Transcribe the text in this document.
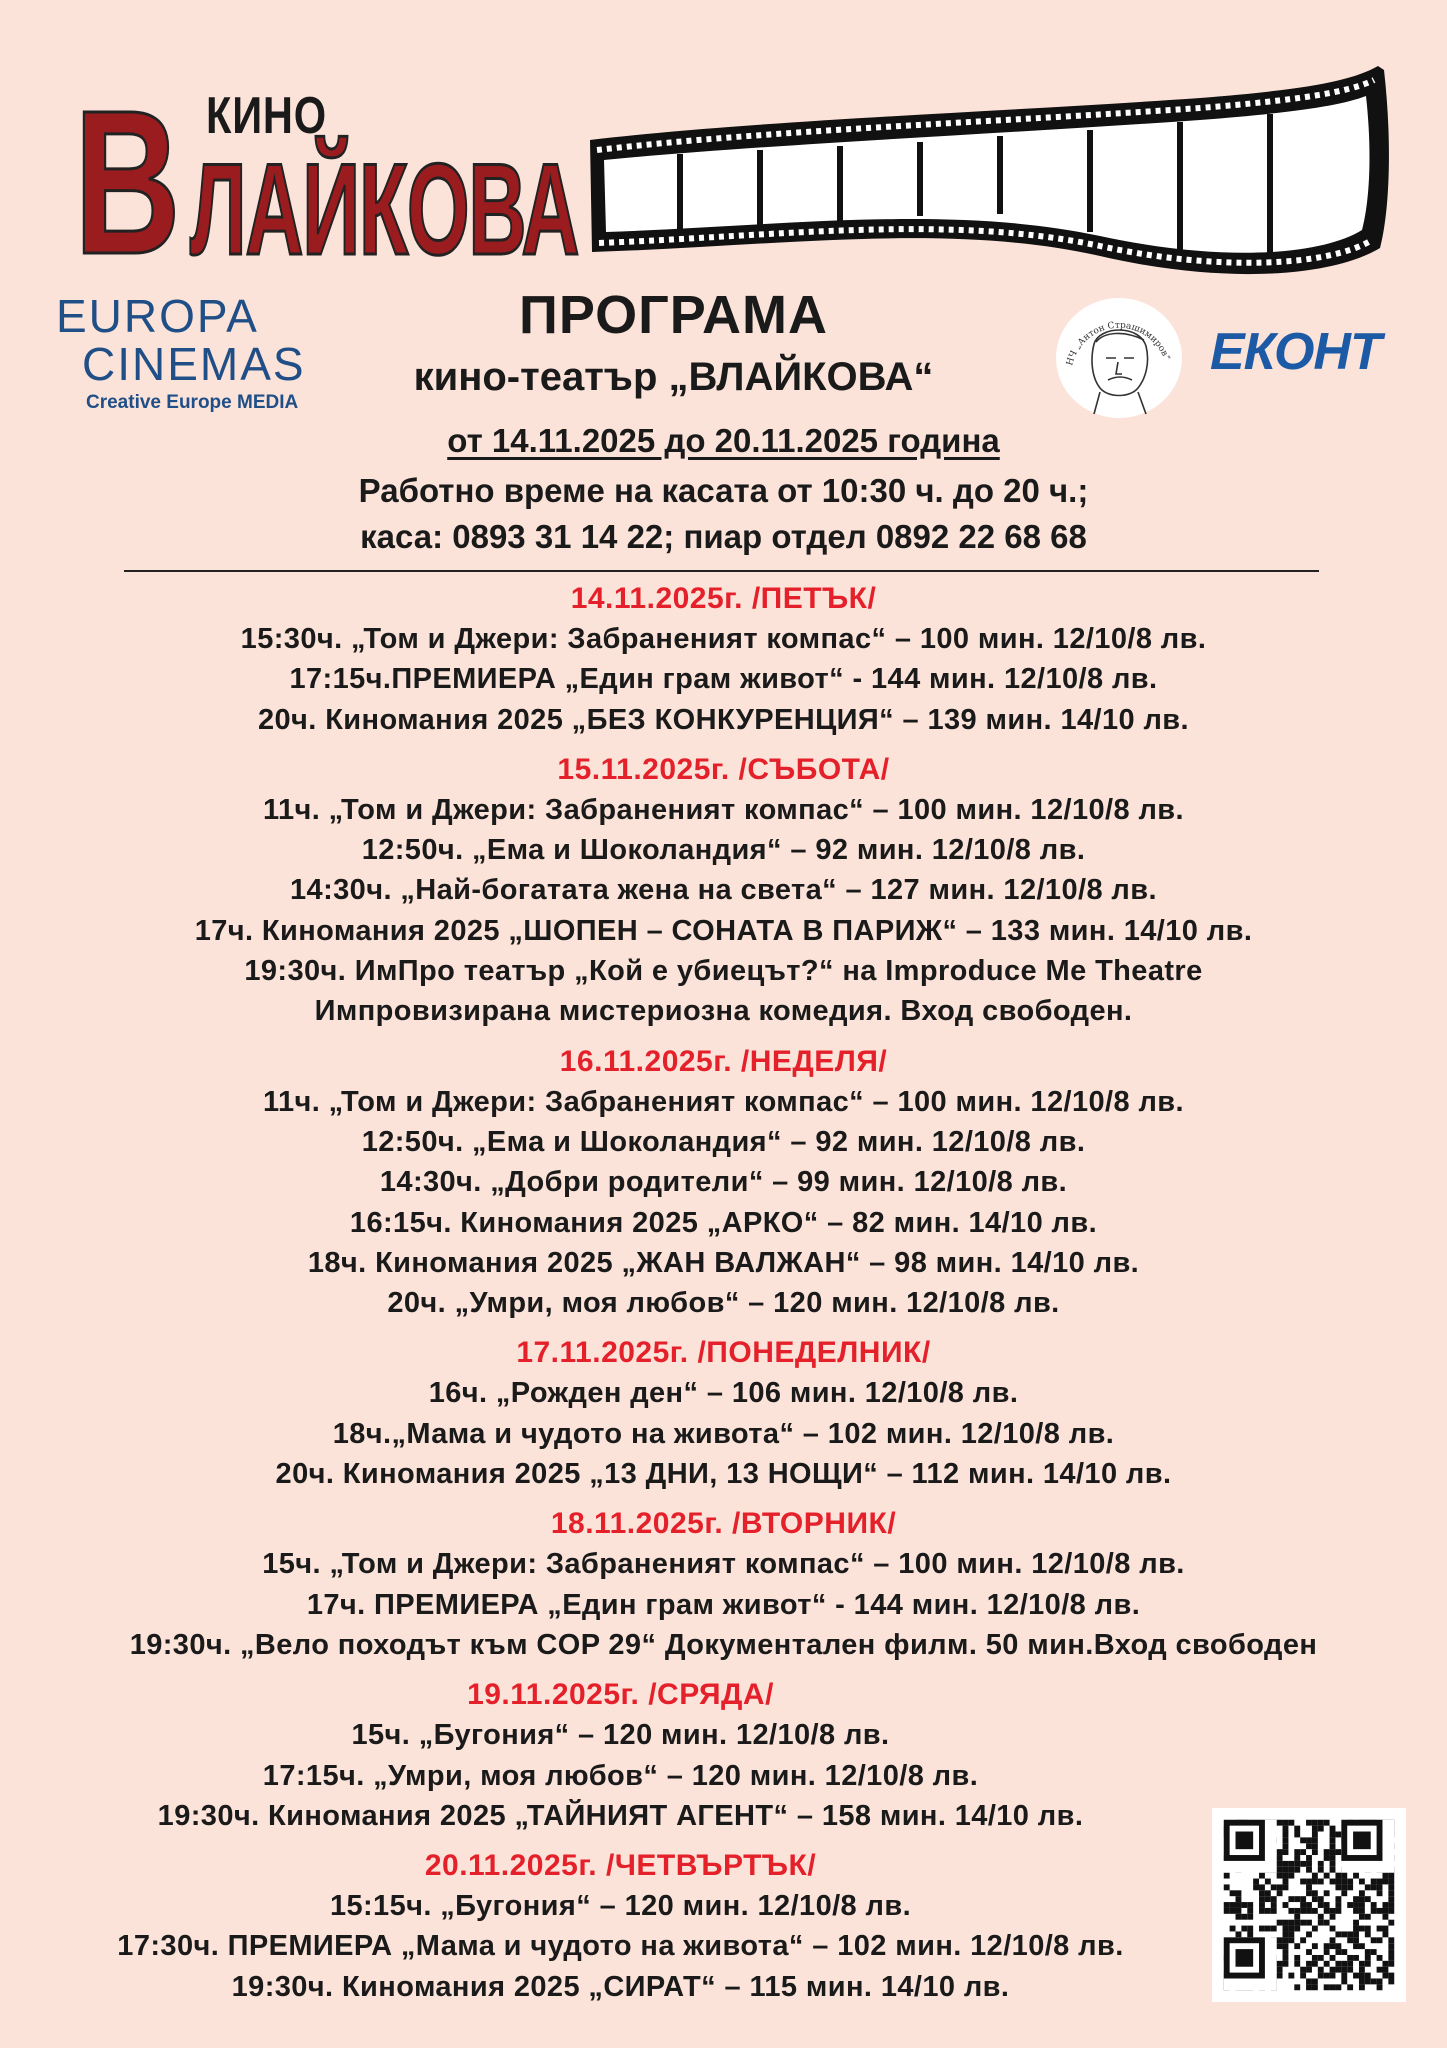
В КИНО
ЛАЙКОВА
EUROPA
CINEMAS
Creative Europe MEDIA
НЧ „Антон Страшимиров“ ЕКОНТ
ПРОГРАМА
кино-театър „ВЛАЙКОВА“
от 14.11.2025 до 20.11.2025 година
Работно време на касата от 10:30 ч. до 20 ч.;
каса: 0893 31 14 22; пиар отдел 0892 22 68 68
14.11.2025г. /ПЕТЪК/
15:30ч. „Том и Джери: Забраненият компас“ – 100 мин. 12/10/8 лв.
17:15ч.ПРЕМИЕРА „Един грам живот“ - 144 мин. 12/10/8 лв.
20ч. Киномания 2025 „БЕЗ КОНКУРЕНЦИЯ“ – 139 мин. 14/10 лв.
15.11.2025г. /СЪБОТА/
11ч. „Том и Джери: Забраненият компас“ – 100 мин. 12/10/8 лв.
12:50ч. „Ема и Шоколандия“ – 92 мин. 12/10/8 лв.
14:30ч. „Най-богатата жена на света“ – 127 мин. 12/10/8 лв.
17ч. Киномания 2025 „ШОПЕН – СОНАТА В ПАРИЖ“ – 133 мин. 14/10 лв.
19:30ч. ИмПро театър „Кой е убиецът?“ на Improduce Me Theatre
Импровизирана мистериозна комедия. Вход свободен.
16.11.2025г. /НЕДЕЛЯ/
11ч. „Том и Джери: Забраненият компас“ – 100 мин. 12/10/8 лв.
12:50ч. „Ема и Шоколандия“ – 92 мин. 12/10/8 лв.
14:30ч. „Добри родители“ – 99 мин. 12/10/8 лв.
16:15ч. Киномания 2025 „АРКО“ – 82 мин. 14/10 лв.
18ч. Киномания 2025 „ЖАН ВАЛЖАН“ – 98 мин. 14/10 лв.
20ч. „Умри, моя любов“ – 120 мин. 12/10/8 лв.
17.11.2025г. /ПОНЕДЕЛНИК/
16ч. „Рожден ден“ – 106 мин. 12/10/8 лв.
18ч.„Мама и чудото на живота“ – 102 мин. 12/10/8 лв.
20ч. Киномания 2025 „13 ДНИ, 13 НОЩИ“ – 112 мин. 14/10 лв.
18.11.2025г. /ВТОРНИК/
15ч. „Том и Джери: Забраненият компас“ – 100 мин. 12/10/8 лв.
17ч. ПРЕМИЕРА „Един грам живот“ - 144 мин. 12/10/8 лв.
19:30ч. „Вело походът към COP 29“ Документален филм. 50 мин.Вход свободен
19.11.2025г. /СРЯДА/
15ч. „Бугония“ – 120 мин. 12/10/8 лв.
17:15ч. „Умри, моя любов“ – 120 мин. 12/10/8 лв.
19:30ч. Киномания 2025 „ТАЙНИЯТ АГЕНТ“ – 158 мин. 14/10 лв.
20.11.2025г. /ЧЕТВЪРТЪК/
15:15ч. „Бугония“ – 120 мин. 12/10/8 лв.
17:30ч. ПРЕМИЕРА „Мама и чудото на живота“ – 102 мин. 12/10/8 лв.
19:30ч. Киномания 2025 „СИРАТ“ – 115 мин. 14/10 лв.
